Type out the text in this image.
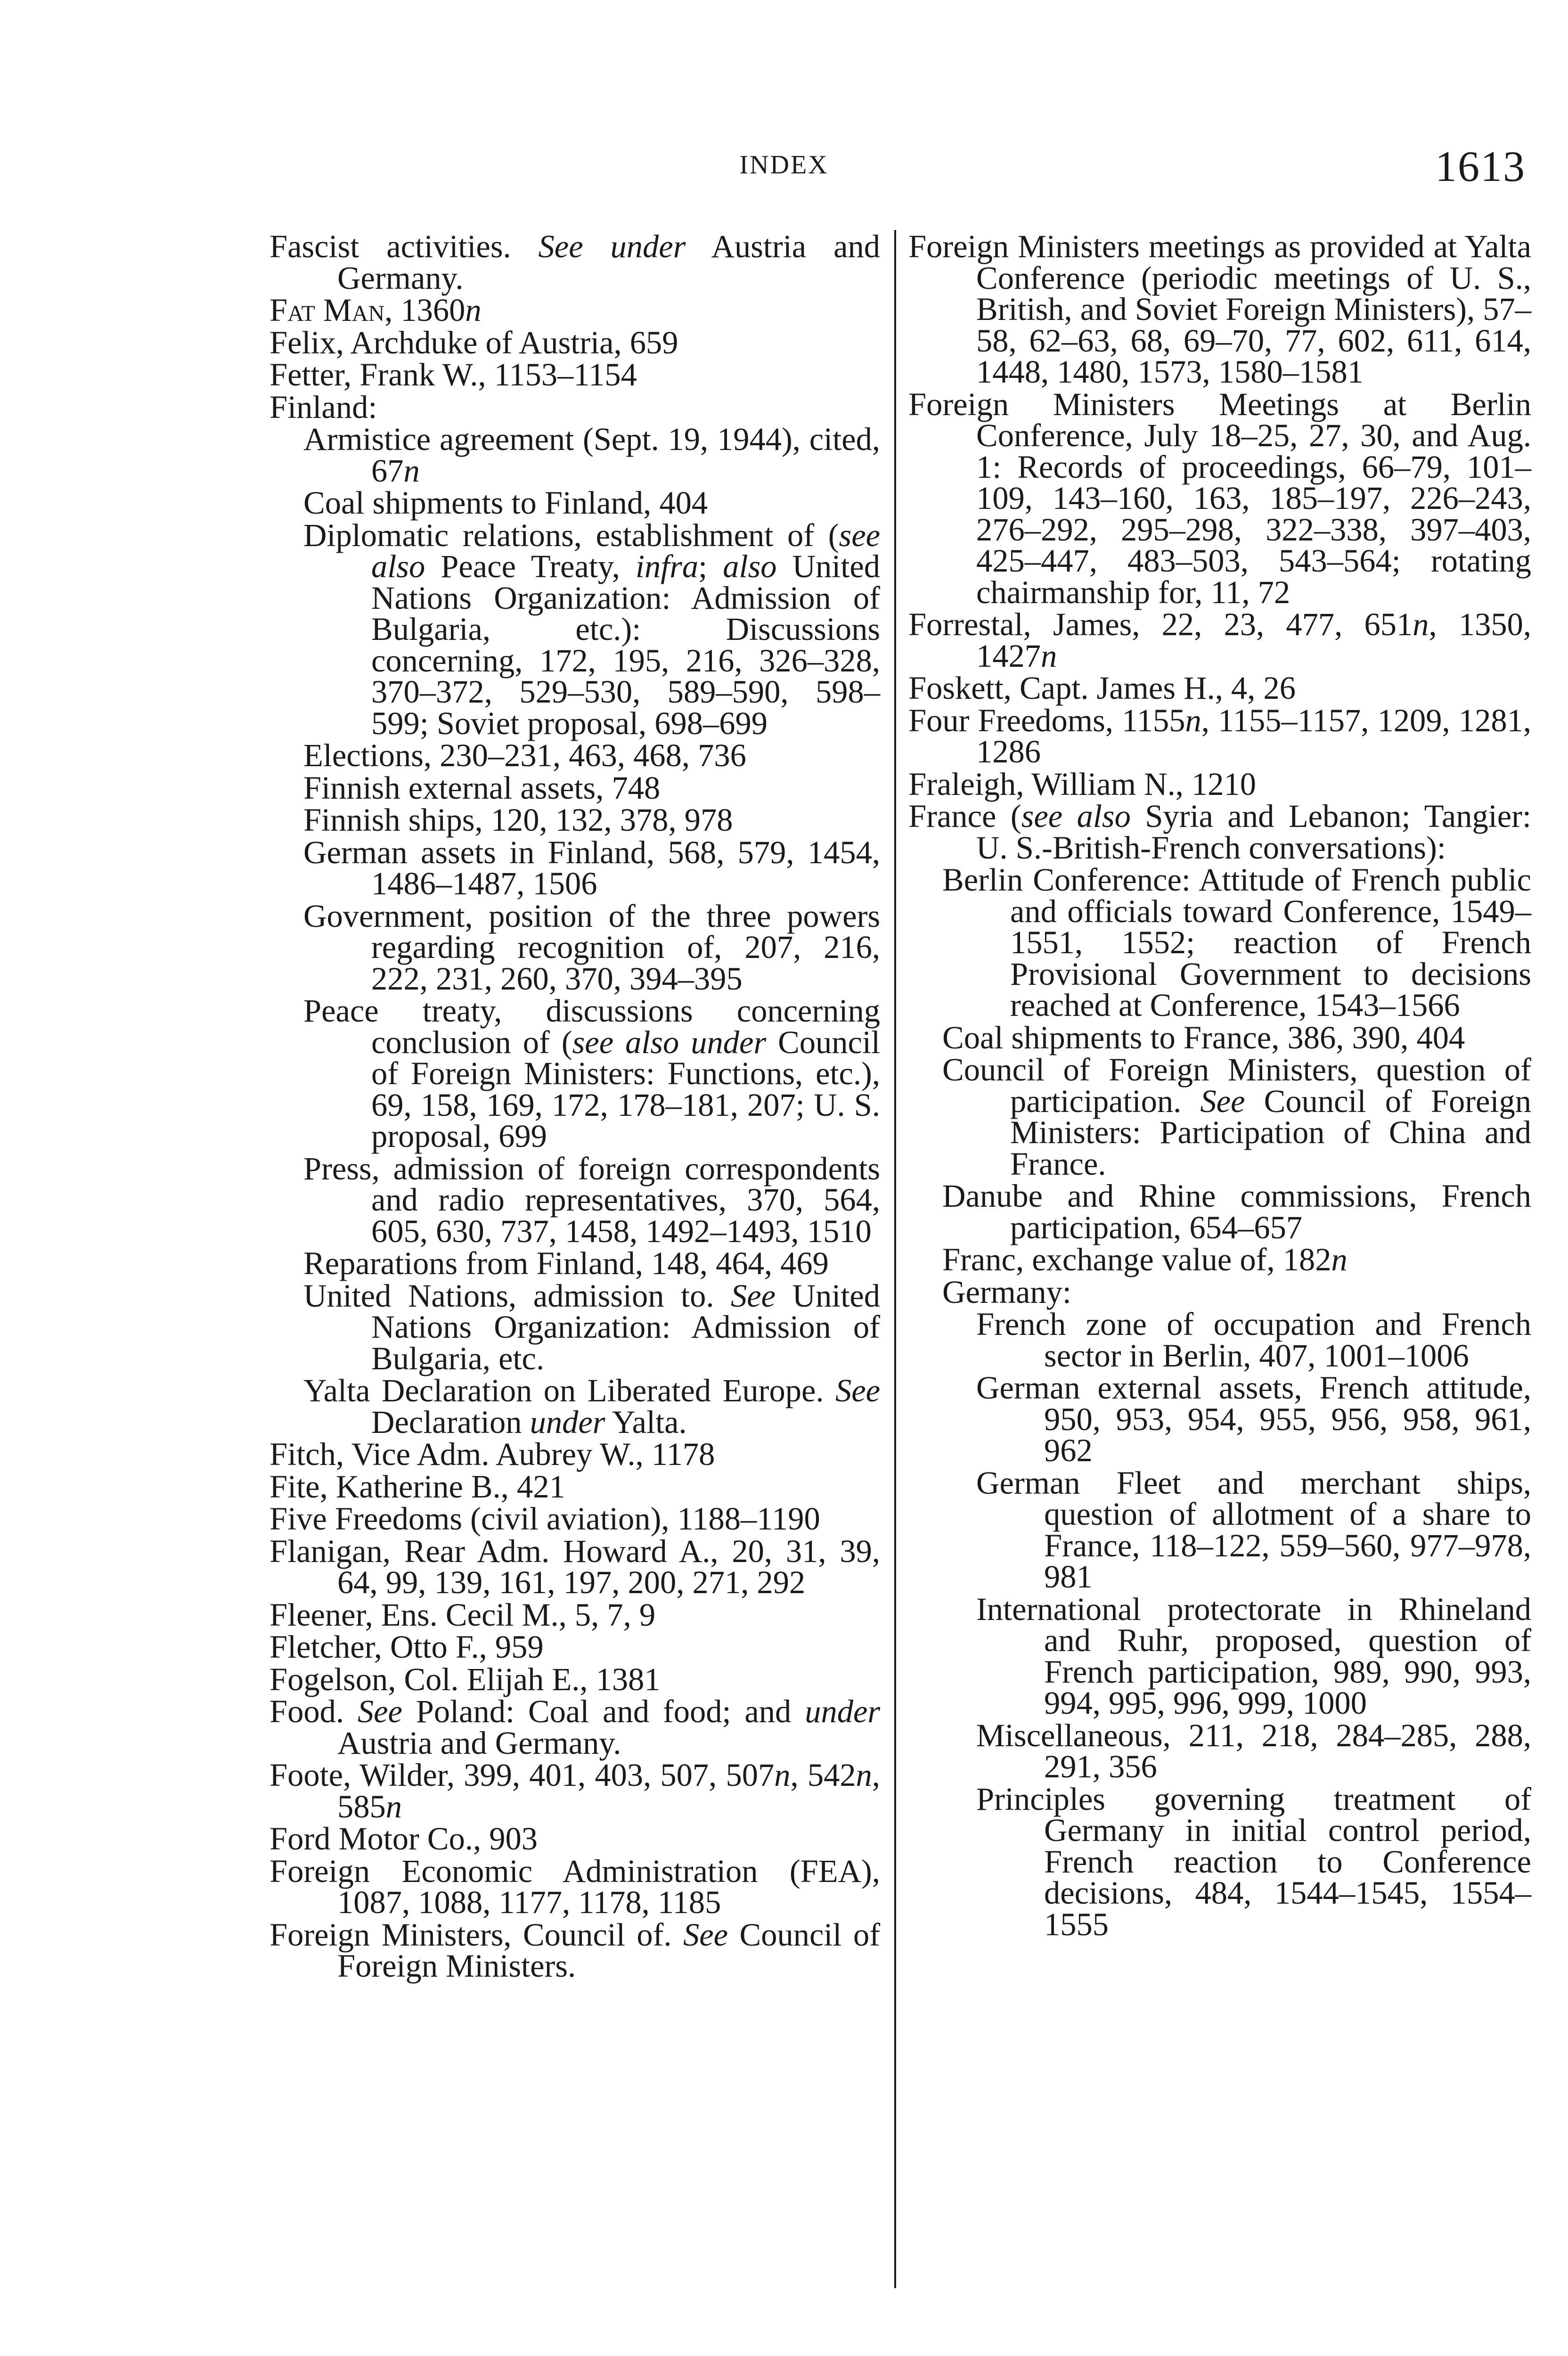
INDEX	1613
Fascist activities. See under Austria and Germany.
Fat Man, 1360n
Felix, Archduke of Austria, 659
Fetter, Frank W., 1153–1154
Finland:
Armistice agreement (Sept. 19, 1944), cited, 67n
Coal shipments to Finland, 404
Diplomatic relations, establishment of (see also Peace Treaty, infra; also United Nations Organization: Admission of Bulgaria, etc.): Discussions concerning, 172, 195, 216, 326–328, 370–372, 529–530, 589–590, 598–599; Soviet proposal, 698–699
Elections, 230–231, 463, 468, 736
Finnish external assets, 748
Finnish ships, 120, 132, 378, 978
German assets in Finland, 568, 579, 1454, 1486–1487, 1506
Government, position of the three powers regarding recognition of, 207, 216, 222, 231, 260, 370, 394–395
Peace treaty, discussions concerning conclusion of (see also under Council of Foreign Ministers: Functions, etc.), 69, 158, 169, 172, 178–181, 207; U. S. proposal, 699
Press, admission of foreign correspondents and radio representatives, 370, 564, 605, 630, 737, 1458, 1492–1493, 1510
Reparations from Finland, 148, 464, 469
United Nations, admission to. See United Nations Organization: Admission of Bulgaria, etc.
Yalta Declaration on Liberated Europe. See Declaration under Yalta.
Fitch, Vice Adm. Aubrey W., 1178
Fite, Katherine B., 421
Five Freedoms (civil aviation), 1188–1190
Flanigan, Rear Adm. Howard A., 20, 31, 39, 64, 99, 139, 161, 197, 200, 271, 292
Fleener, Ens. Cecil M., 5, 7, 9
Fletcher, Otto F., 959
Fogelson, Col. Elijah E., 1381
Food. See Poland: Coal and food; and under Austria and Germany.
Foote, Wilder, 399, 401, 403, 507, 507n, 542n, 585n
Ford Motor Co., 903
Foreign Economic Administration (FEA), 1087, 1088, 1177, 1178, 1185
Foreign Ministers, Council of. See Council of Foreign Ministers.
Foreign Ministers meetings as provided at Yalta Conference (periodic meetings of U. S., British, and Soviet Foreign Ministers), 57–58, 62–63, 68, 69–70, 77, 602, 611, 614, 1448, 1480, 1573, 1580–1581
Foreign Ministers Meetings at Berlin Conference, July 18–25, 27, 30, and Aug. 1: Records of proceedings, 66–79, 101–109, 143–160, 163, 185–197, 226–243, 276–292, 295–298, 322–338, 397–403, 425–447, 483–503, 543–564; rotating chairmanship for, 11, 72
Forrestal, James, 22, 23, 477, 651n, 1350, 1427n
Foskett, Capt. James H., 4, 26
Four Freedoms, 1155n, 1155–1157, 1209, 1281, 1286
Fraleigh, William N., 1210
France (see also Syria and Lebanon; Tangier: U. S.-British-French conversations):
Berlin Conference: Attitude of French public and officials toward Conference, 1549–1551, 1552; reaction of French Provisional Government to decisions reached at Conference, 1543–1566
Coal shipments to France, 386, 390, 404
Council of Foreign Ministers, question of participation. See Council of Foreign Ministers: Participation of China and France.
Danube and Rhine commissions, French participation, 654–657
Franc, exchange value of, 182n
Germany:
French zone of occupation and French sector in Berlin, 407, 1001–1006
German external assets, French attitude, 950, 953, 954, 955, 956, 958, 961, 962
German Fleet and merchant ships, question of allotment of a share to France, 118–122, 559–560, 977–978, 981
International protectorate in Rhineland and Ruhr, proposed, question of French participation, 989, 990, 993, 994, 995, 996, 999, 1000
Miscellaneous, 211, 218, 284–285, 288, 291, 356
Principles governing treatment of Germany in initial control period, French reaction to Conference decisions, 484, 1544–1545, 1554–1555
